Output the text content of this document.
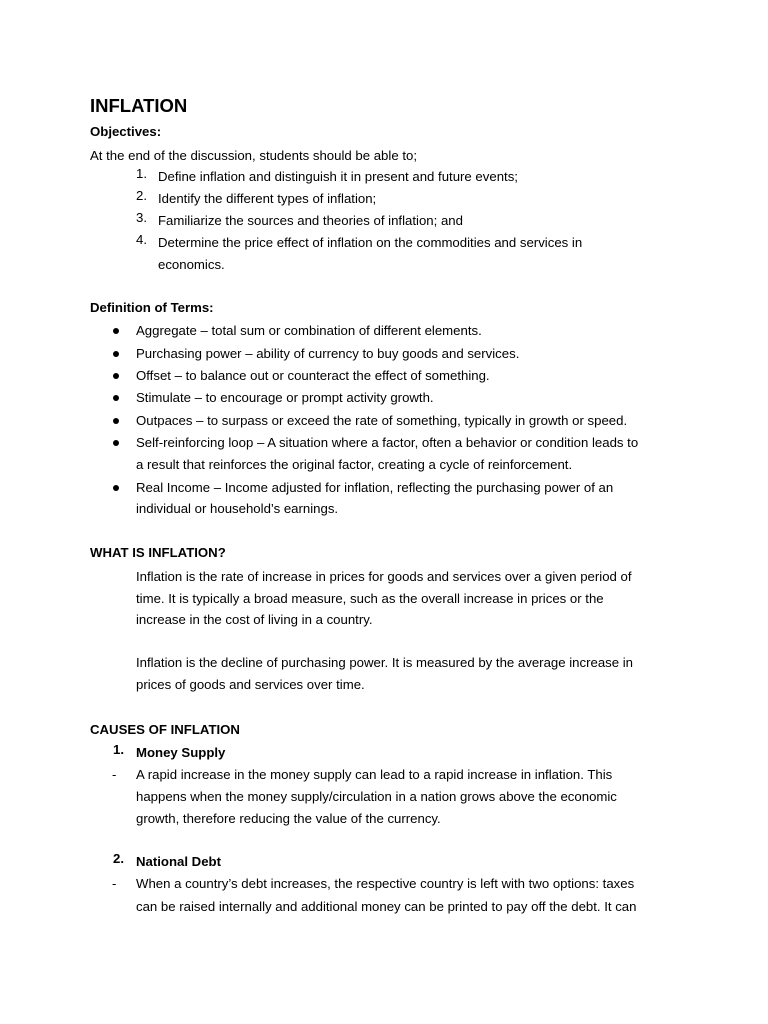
INFLATION
Objectives:
At the end of the discussion, students should be able to;
1. Define inflation and distinguish it in present and future events;
2. Identify the different types of inflation;
3. Familiarize the sources and theories of inflation; and
4. Determine the price effect of inflation on the commodities and services in
economics.
Definition of Terms:
Aggregate – total sum or combination of different elements.
Purchasing power – ability of currency to buy goods and services.
Offset – to balance out or counteract the effect of something.
Stimulate – to encourage or prompt activity growth.
Outpaces – to surpass or exceed the rate of something, typically in growth or speed.
Self-reinforcing loop – A situation where a factor, often a behavior or condition leads to
a result that reinforces the original factor, creating a cycle of reinforcement.
Real Income – Income adjusted for inflation, reflecting the purchasing power of an
individual or household’s earnings.
WHAT IS INFLATION?
Inflation is the rate of increase in prices for goods and services over a given period of
time. It is typically a broad measure, such as the overall increase in prices or the
increase in the cost of living in a country.
Inflation is the decline of purchasing power. It is measured by the average increase in
prices of goods and services over time.
CAUSES OF INFLATION
1. Money Supply
- A rapid increase in the money supply can lead to a rapid increase in inflation. This
happens when the money supply/circulation in a nation grows above the economic
growth, therefore reducing the value of the currency.
2. National Debt
- When a country’s debt increases, the respective country is left with two options: taxes
can be raised internally and additional money can be printed to pay off the debt. It can
